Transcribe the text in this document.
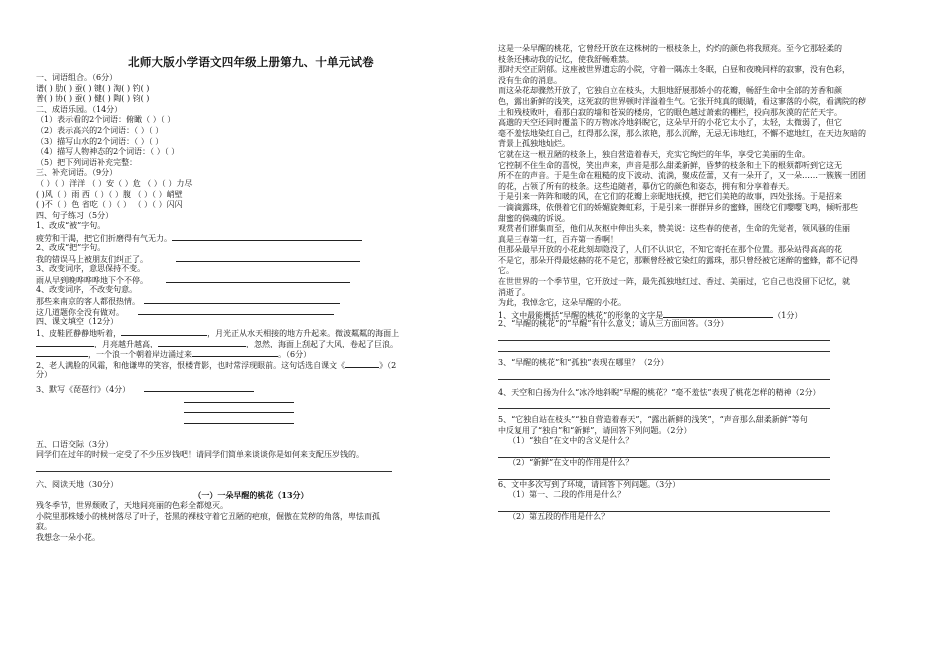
北师大版小学语文四年级上册第九、十单元试卷
一、词语组合。（6分）
谱( ) 肋( ) 蚕( ) 键( ) 淘( ) 钓( )
普( ) 协( ) 蚕( ) 健( ) 陶( ) 钧( )
二、成语乐园。（14分）
（1）表示看的2个词语：俯瞰（ ）（ ）
（2）表示高兴的2个词语：（ ）（ ）
（3）描写山水的2个词语：（ ）（ ）
（4）描写人物神态的2个词语：（ ）（ ）
（5）把下列词语补充完整：
三、补充词语。（9分）
（ ）（ ）洋洋 （ ）安（ ）危 （ ）（ ）力尽
( )风（ ）雨 西（ ）（ ）腹 （ ）（ ）峭壁
( )不（ ）色 省吃（ ）（ ） （ ）（ ）闪闪
四、句子练习（5分）
1、改成“被”字句。
疲劳和干渴，把它们折磨得有气无力。
2、改成“把”字句。
我的错误马上被朋友们纠正了。
3、改变词序，意思保持不变。
雨从早到晚哗哗哗地下个不停。
4、改变词序，不改变句意。
那些来南京的客人都很热情。
这几道题你全没有做对。
四、课文填空（12分）
1、皮鞋匠静静地听着，	，月光正从水天相接的地方升起来。微波粼粼的海面上
，月亮越升越高，	，忽然，海面上刮起了大风，卷起了巨浪。
，一个浪一个朝着岸边涌过来	。（6分）
2、老人满脸的风霜，和他谦卑的笑容，恨楼背影，也时常浮现眼前。这句话选自课文《	》（2
分）
3、默写《琵琶行》（4分）
五、口语交际（3分）
同学们在过年的时候一定受了不少压岁钱吧！请同学们简单来谈谈你是如何来支配压岁钱的。
六、阅读天地（30分）
（一）一朵早醒的桃花（13分）
残冬季节，世界颓败了，天地间亮丽的色彩全都熄灭。
小院里那株矮小的桃树落尽了叶子，苍黑的裸枝守着它丑陋的疤痕，倔傲在荒秽的角落，卑怯而孤
寂。
我想念一朵小花。
这是一朵早醒的桃花，它曾经开放在这株树的一根枝条上，灼灼的颜色将我照亮。至今它那轻柔的
枝条还拂动我的记忆，使我舒畅难禁。
那时天空正阴郁。这座被世界遗忘的小院，守着一隅冻土冬眠，白昼和夜晚同样的寂寥，没有色彩，
没有生命的消息。
而这朵花却骤然开放了，它独自立在枝头，大胆地舒展那娇小的花瓣，畅舒生命中全部的芳香和颜
色，露出新鲜的浅笑，这死寂的世界顿时洋溢着生气。它张开纯真的眼睛，看这寥落的小院，看满院的秽
土和残枝败叶，看那白寂的墙和苍炭的楼房，它的眼色越过萧索的棚栏，投向那灰漠的茫茫天宇。
高邈的天空还同时覆盖下的万物冰冷地斜睨它，这朵早开的小花它太小了，太轻，太微弱了，但它
毫不羞怯地染红自己，红得那么深，那么浓艳，那么沉醉，无忌无讳地红，不懈不遮地红，在天边灰暗的
背景上孤独地灿烂。
它就在这一根丑陋的枝条上，独自营造着春天，充实它绚烂的年华，享受它美丽的生命。
它控制不住生命的喜悦，笑出声来，声音是那么甜柔新鲜，昏梦的枝条和土下的根须都听到它这无
所不在的声音。于是生命在粗糙的皮下波动、流淌，聚成莅蕾，又有一朵开了，又一朵……一簇簇一团团
的花，占领了所有的枝条。这些追随者，摹仿它的颜色和姿态，拥有和分享着春天。
于是引来一阵阵和暖的风，在它们的花瓣上亲昵地抚摸，把它们美艳的故事，四处张扬。于是招来
一滴滴露珠，依偎着它们的娇媚旋舞虹彩，于是引来一群群异乡的蜜蜂，围绕它们嘤嘤飞鸣，倾听那些
甜蜜的倘魂的诉说。
观赏者们群集而至，他们从灰枢中伸出头来，赞美说：这些春的使者，生命的先觉者，领风骚的佳丽
真是三春第一红，百卉第一香啊！
但那朵最早开放的小花此刻却隐没了，人们不认识它，不知它寄托在那个位置。那朵站得高高的花
不是它，那朵开得最炫赫的花不是它，那颗曾经被它染红的露珠，那只曾经被它迷醉的蜜蜂，都不记得
它。
在世世界的一个季节里，它开放过一阵，最先孤独地红过、香过、美丽过，它自己也没留下记忆，就
消逝了。
为此，我悼念它，这朵早醒的小花。
1、文中最能概括“早醒的桃花”的形象的文字是	（1分）
2、“早醒的桃花”的“早醒”有什么意义；请从三方面回答。（3分）
3、“早醒的桃花”和“孤独”表现在哪里？（2分）
4、天空和白扬为什么“冰冷地斜睨”早醒的桃花？“毫不羞怯”表现了桃花怎样的精神（2分）
5、“它独自站在枝头”“独自营造着春天”，“露出新鲜的浅笑”，“声音那么甜柔新鲜”等句
中反复用了“独自”和“新鲜”，请回答下列问题。（2分）
（1）“独自”在文中的含义是什么？
（2）“新鲜”在文中的作用是什么？
6、文中多次写到了环境，请回答下列问题。（3分）
（1）第一、二段的作用是什么？
（2）第五段的作用是什么？
